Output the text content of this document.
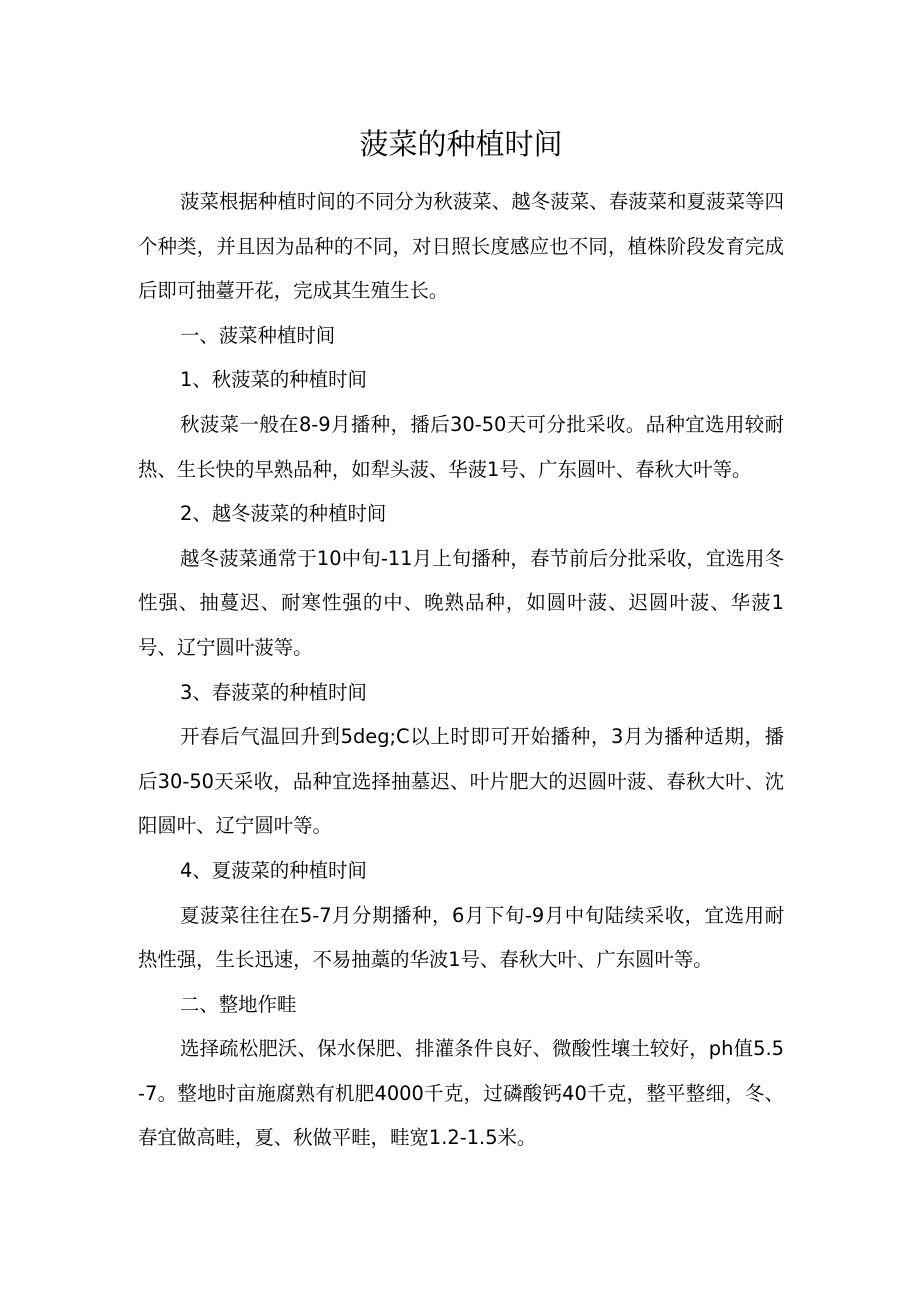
菠菜的种植时间

菠菜根据种植时间的不同分为秋菠菜、越冬菠菜、春菠菜和夏菠菜等四个种类，并且因为品种的不同，对日照长度感应也不同，植株阶段发育完成后即可抽薹开花，完成其生殖生长。

一、菠菜种植时间

1、秋菠菜的种植时间

秋菠菜一般在8-9月播种，播后30-50天可分批采收。品种宜选用较耐热、生长快的早熟品种，如犁头菠、华菠1号、广东圆叶、春秋大叶等。

2、越冬菠菜的种植时间

越冬菠菜通常于10中旬-11月上旬播种，春节前后分批采收，宜选用冬性强、抽蔓迟、耐寒性强的中、晚熟品种，如圆叶菠、迟圆叶菠、华菠1号、辽宁圆叶菠等。

3、春菠菜的种植时间

开春后气温回升到5deg;C以上时即可开始播种，3月为播种适期，播后30-50天采收，品种宜选择抽墓迟、叶片肥大的迟圆叶菠、春秋大叶、沈阳圆叶、辽宁圆叶等。

4、夏菠菜的种植时间

夏菠菜往往在5-7月分期播种，6月下旬-9月中旬陆续采收，宜选用耐热性强，生长迅速，不易抽藁的华波1号、春秋大叶、广东圆叶等。

二、整地作畦

选择疏松肥沃、保水保肥、排灌条件良好、微酸性壤土较好，ph值5.5-7。整地时亩施腐熟有机肥4000千克，过磷酸钙40千克，整平整细，冬、春宜做高畦，夏、秋做平畦，畦宽1.2-1.5米。
